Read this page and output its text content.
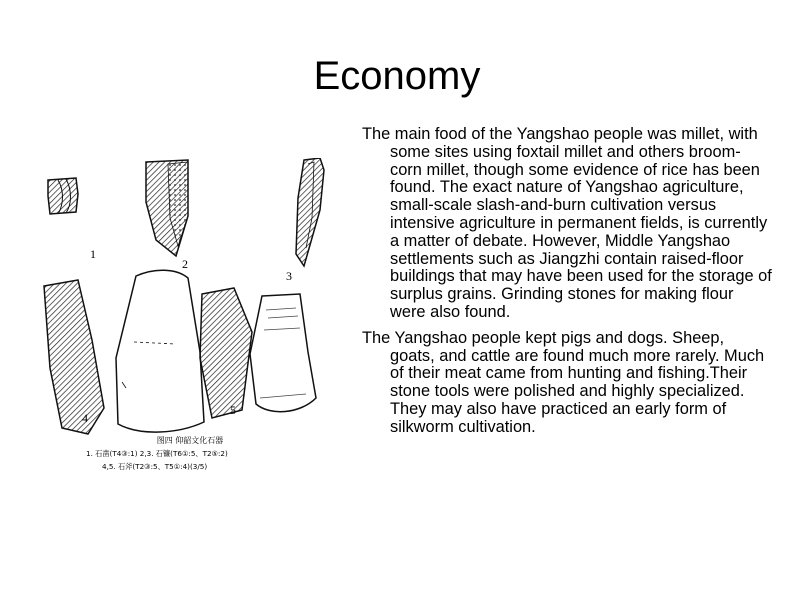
Economy
1
2
3
4
5
图四 仰韶文化石器
1. 石凿(T4③:1) 2,3. 石镰(T6①:5、T2⑤:2)
4,5. 石斧(T2③:5、T5①:4)(3/5)

The main food of the Yangshao people was millet, with some sites using foxtail millet and others broom-corn millet, though some evidence of rice has been found. The exact nature of Yangshao agriculture, small-scale slash-and-burn cultivation versus intensive agriculture in permanent fields, is currently a matter of debate. However, Middle Yangshao settlements such as Jiangzhi contain raised-floor buildings that may have been used for the storage of surplus grains. Grinding stones for making flour were also found.

The Yangshao people kept pigs and dogs. Sheep, goats, and cattle are found much more rarely. Much of their meat came from hunting and fishing.Their stone tools were polished and highly specialized. They may also have practiced an early form of silkworm cultivation.
